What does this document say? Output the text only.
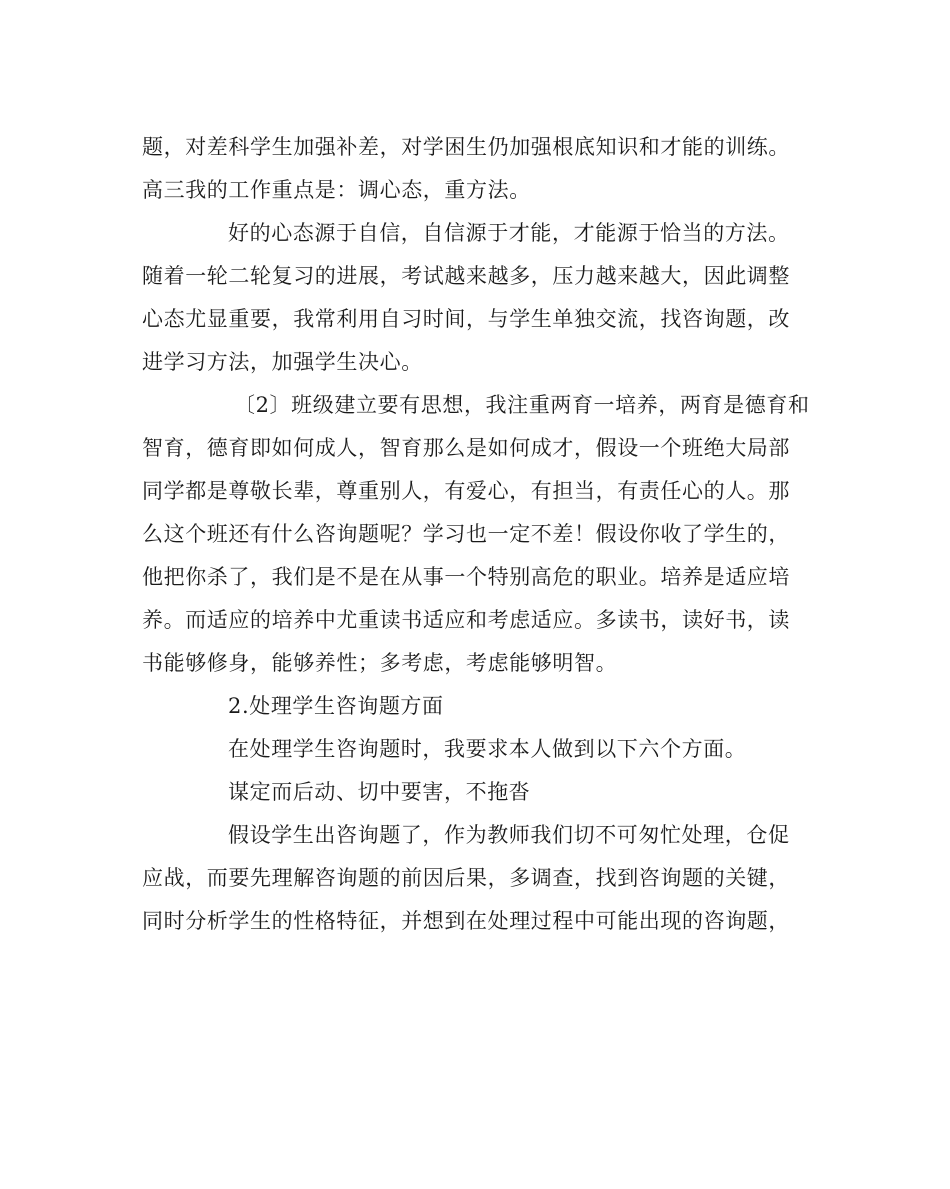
题，对差科学生加强补差，对学困生仍加强根底知识和才能的训练。
高三我的工作重点是：调心态，重方法。
好的心态源于自信，自信源于才能，才能源于恰当的方法。
随着一轮二轮复习的进展，考试越来越多，压力越来越大，因此调整
心态尤显重要，我常利用自习时间，与学生单独交流，找咨询题，改
进学习方法，加强学生决心。
〔2〕班级建立要有思想，我注重两育一培养，两育是德育和
智育，德育即如何成人，智育那么是如何成才，假设一个班绝大局部
同学都是尊敬长辈，尊重别人，有爱心，有担当，有责任心的人。那
么这个班还有什么咨询题呢？学习也一定不差！假设你收了学生的，
他把你杀了，我们是不是在从事一个特别高危的职业。培养是适应培
养。而适应的培养中尤重读书适应和考虑适应。多读书，读好书，读
书能够修身，能够养性；多考虑，考虑能够明智。
2.处理学生咨询题方面
在处理学生咨询题时，我要求本人做到以下六个方面。
谋定而后动、切中要害，不拖沓
假设学生出咨询题了，作为教师我们切不可匆忙处理，仓促
应战，而要先理解咨询题的前因后果，多调查，找到咨询题的关键，
同时分析学生的性格特征，并想到在处理过程中可能出现的咨询题，
